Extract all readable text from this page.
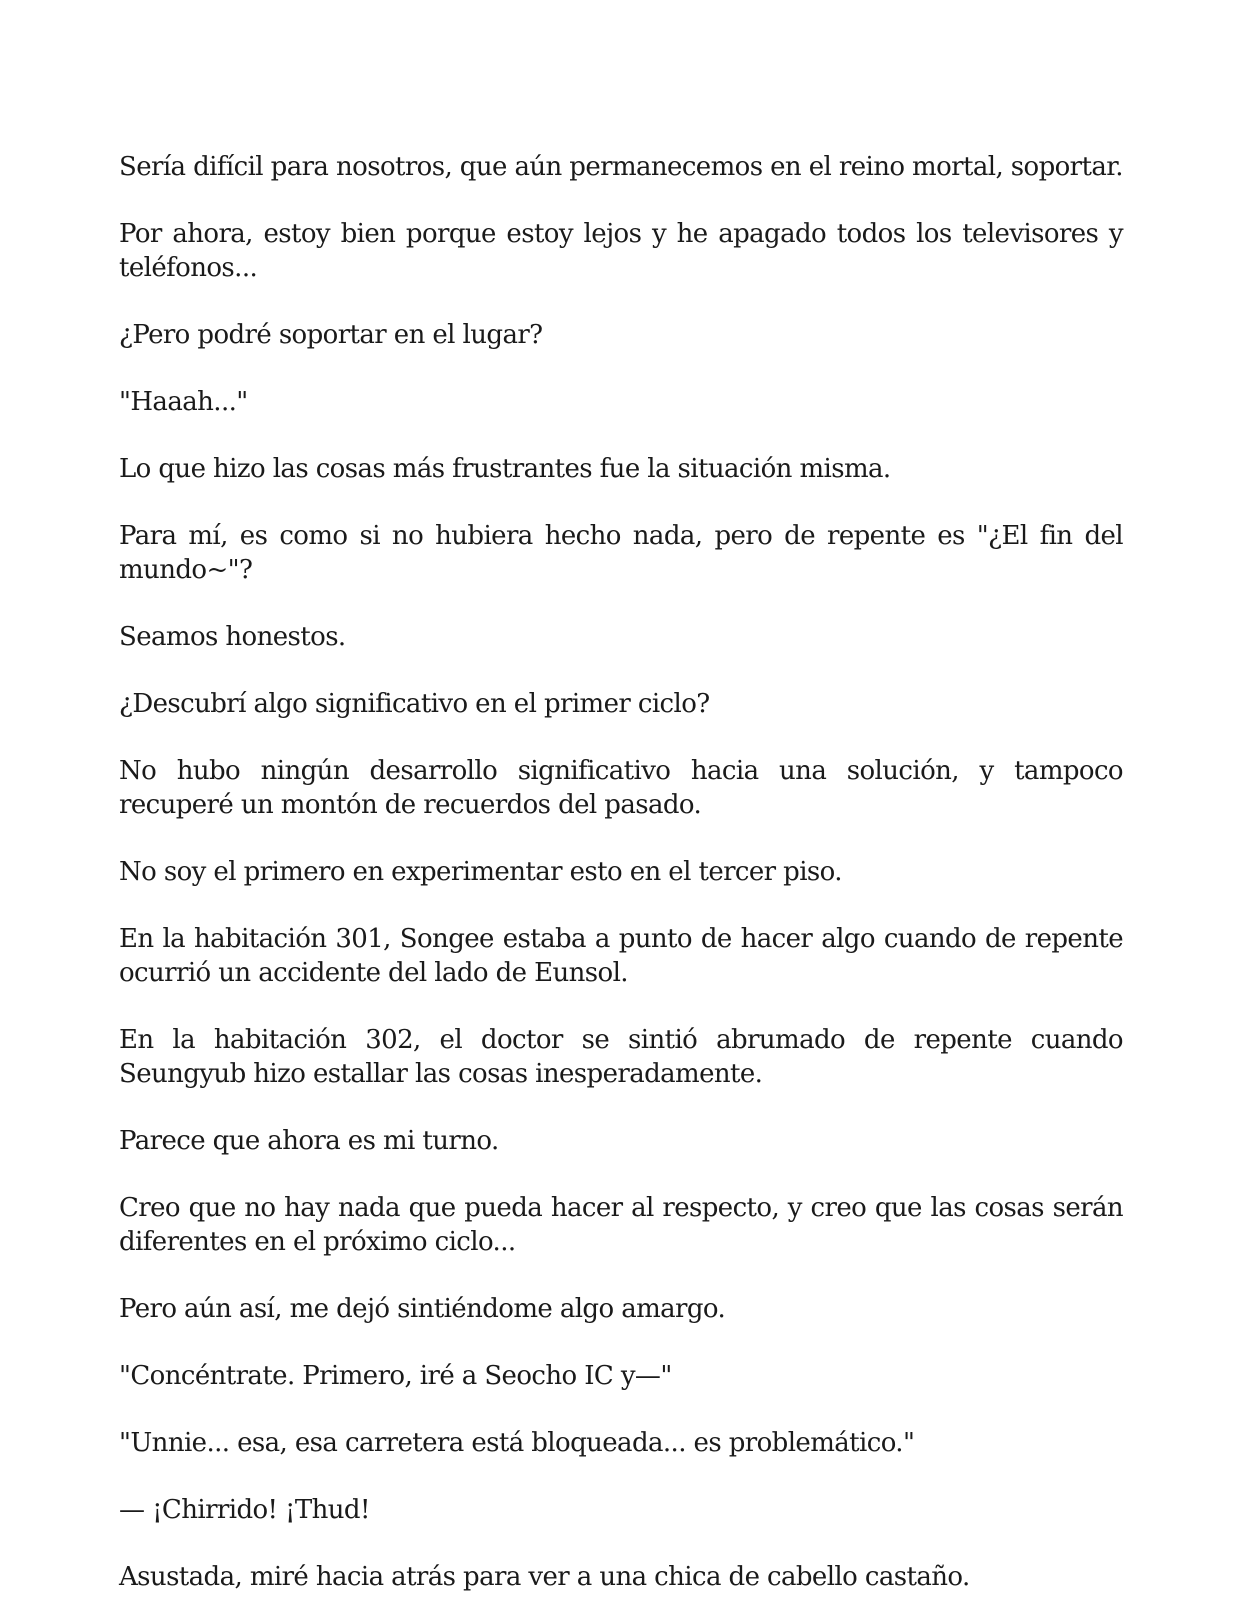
Sería difícil para nosotros, que aún permanecemos en el reino mortal, soportar.

Por ahora, estoy bien porque estoy lejos y he apagado todos los televisores y teléfonos...

¿Pero podré soportar en el lugar?

"Haaah..."

Lo que hizo las cosas más frustrantes fue la situación misma.

Para mí, es como si no hubiera hecho nada, pero de repente es "¿El fin del mundo~"?

Seamos honestos.

¿Descubrí algo significativo en el primer ciclo?

No hubo ningún desarrollo significativo hacia una solución, y tampoco recuperé un montón de recuerdos del pasado.

No soy el primero en experimentar esto en el tercer piso.

En la habitación 301, Songee estaba a punto de hacer algo cuando de repente ocurrió un accidente del lado de Eunsol.

En la habitación 302, el doctor se sintió abrumado de repente cuando Seungyub hizo estallar las cosas inesperadamente.

Parece que ahora es mi turno.

Creo que no hay nada que pueda hacer al respecto, y creo que las cosas serán diferentes en el próximo ciclo...

Pero aún así, me dejó sintiéndome algo amargo.

"Concéntrate. Primero, iré a Seocho IC y—"

"Unnie... esa, esa carretera está bloqueada... es problemático."

— ¡Chirrido! ¡Thud!

Asustada, miré hacia atrás para ver a una chica de cabello castaño.
